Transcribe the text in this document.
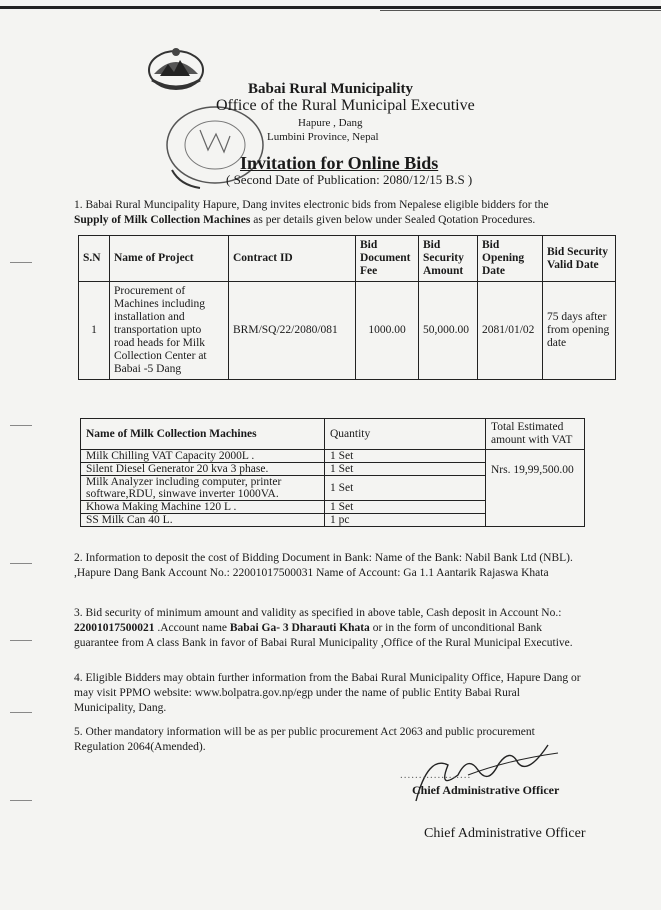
Babai Rural Municipality
Office of the Rural Municipal Executive
Hapure , Dang
Lumbini Province, Nepal
Invitation for Online Bids
( Second Date of Publication: 2080/12/15 B.S )
1. Babai Rural Muncipality Hapure, Dang invites electronic bids from Nepalese eligible bidders for the
Supply of Milk Collection Machines as per details given below under Sealed Qotation Procedures.
S.N	Name of Project	Contract ID	Bid Document Fee	Bid Security Amount	Bid Opening Date	Bid Security Valid Date
1	Procurement of Machines including installation and transportation upto road heads for Milk Collection Center at Babai -5 Dang	BRM/SQ/22/2080/081	1000.00	50,000.00	2081/01/02	75 days after from opening date
Name of Milk Collection Machines	Quantity	Total Estimated amount with VAT
Milk Chilling VAT Capacity 2000L .	1 Set	Nrs. 19,99,500.00
Silent Diesel Generator 20 kva 3 phase.	1 Set	
Milk Analyzer including computer, printer software,RDU, sinwave inverter 1000VA.	1 Set	
Khowa Making Machine 120 L .	1 Set	
SS Milk Can 40 L.	1 pc	
2. Information to deposit the cost of Bidding Document in Bank: Name of the Bank: Nabil Bank Ltd (NBL). ,Hapure Dang Bank Account No.: 22001017500031 Name of Account: Ga 1.1 Aantarik Rajaswa Khata
3. Bid security of minimum amount and validity as specified in above table, Cash deposit in Account No.: 22001017500021 .Account name Babai Ga- 3 Dharauti Khata or in the form of unconditional Bank guarantee from A class Bank in favor of Babai Rural Municipality ,Office of the Rural Municipal Executive.
4. Eligible Bidders may obtain further information from the Babai Rural Municipality Office, Hapure Dang or may visit PPMO website: www.bolpatra.gov.np/egp under the name of public Entity Babai Rural Municipality, Dang.
5. Other mandatory information will be as per public procurement Act 2063 and public procurement Regulation 2064(Amended).
...................
Chief Administrative Officer
Chief Administrative Officer
